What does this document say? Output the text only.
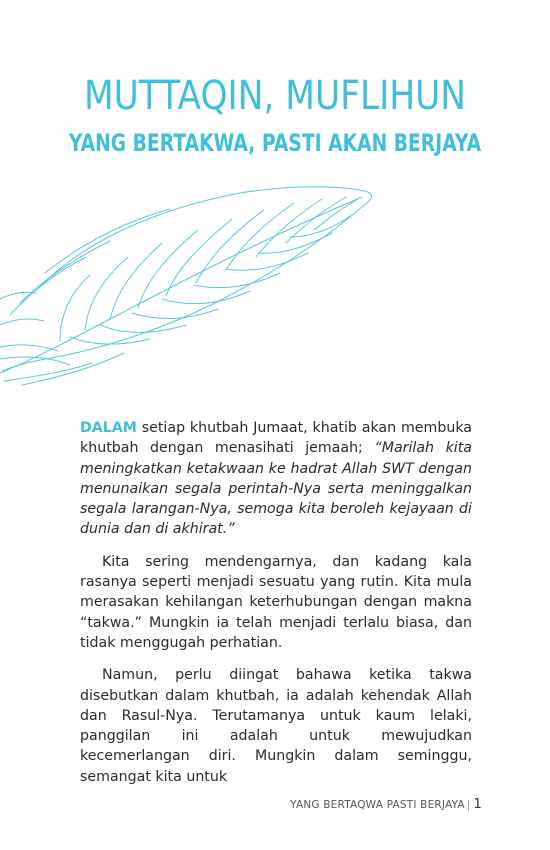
MUTTAQIN, MUFLIHUN
YANG BERTAKWA, PASTI AKAN BERJAYA

DALAM setiap khutbah Jumaat, khatib akan membuka khutbah dengan menasihati jemaah; “Marilah kita meningkatkan ketakwaan ke hadrat Allah SWT dengan menunaikan segala perintah-Nya serta meninggalkan segala larangan-Nya, semoga kita beroleh kejayaan di dunia dan di akhirat.”

Kita sering mendengarnya, dan kadang kala rasanya seperti menjadi sesuatu yang rutin. Kita mula merasakan kehilangan keterhubungan dengan makna “takwa.” Mungkin ia telah menjadi terlalu biasa, dan tidak menggugah perhatian.

Namun, perlu diingat bahawa ketika takwa disebutkan dalam khutbah, ia adalah kehendak Allah dan Rasul-Nya. Terutamanya untuk kaum lelaki, panggilan ini adalah untuk mewujudkan kecemerlangan diri. Mungkin dalam seminggu, semangat kita untuk

YANG BERTAQWA PASTI BERJAYA | 1
